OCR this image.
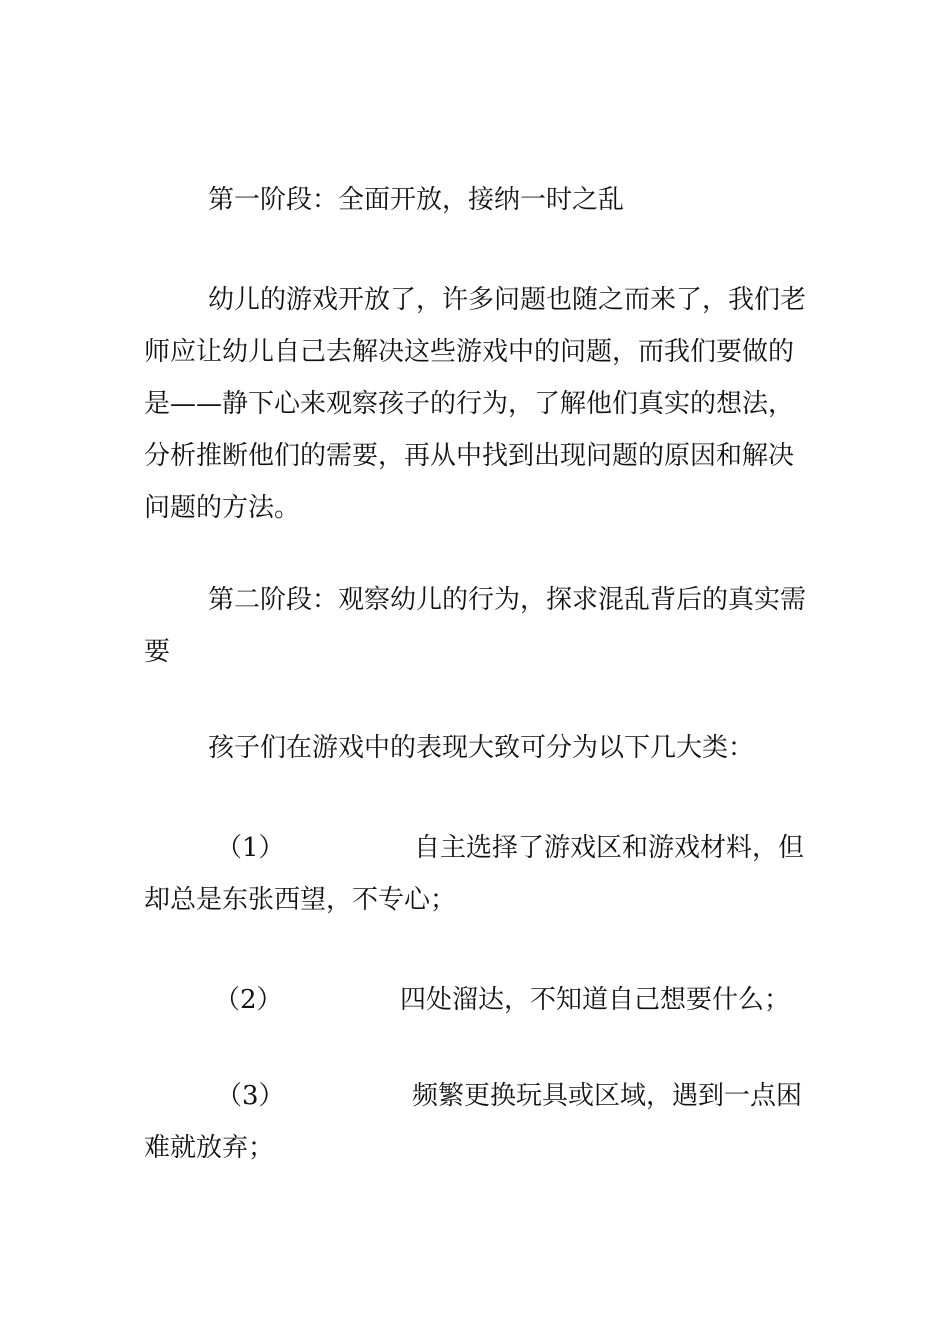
第一阶段：全面开放，接纳一时之乱
幼儿的游戏开放了，许多问题也随之而来了，我们老师应让幼儿自己去解决这些游戏中的问题，而我们要做的是——静下心来观察孩子的行为，了解他们真实的想法，分析推断他们的需要，再从中找到出现问题的原因和解决问题的方法。
第二阶段：观察幼儿的行为，探求混乱背后的真实需要
孩子们在游戏中的表现大致可分为以下几大类：
（1）	自主选择了游戏区和游戏材料，但却总是东张西望，不专心；
（2）	四处溜达，不知道自己想要什么；
（3）	频繁更换玩具或区域，遇到一点困难就放弃；
